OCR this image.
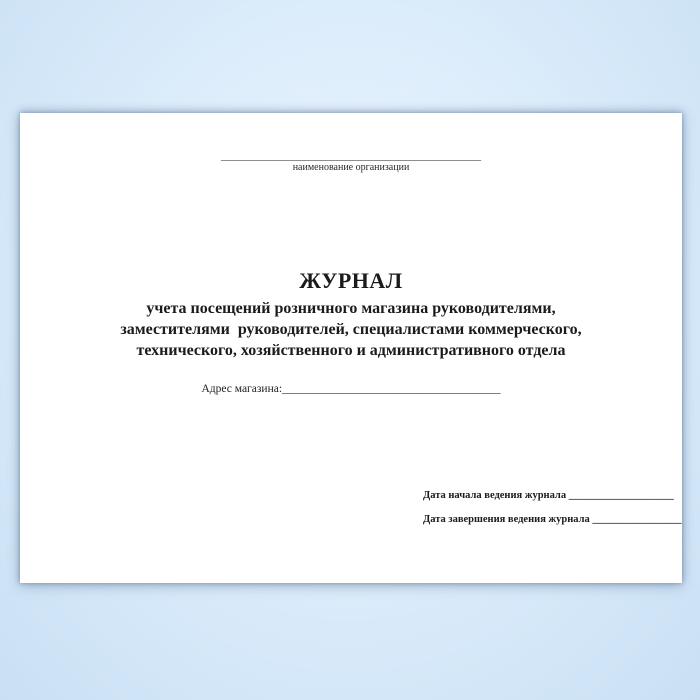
____________________________________________________
наименование организации
ЖУРНАЛ
учета посещений розничного магазина руководителями,
заместителями  руководителей, специалистами коммерческого,
технического, хозяйственного и административного отдела
Адрес магазина:______________________________________
Дата начала ведения журнала ____________________
Дата завершения ведения журнала _________________
